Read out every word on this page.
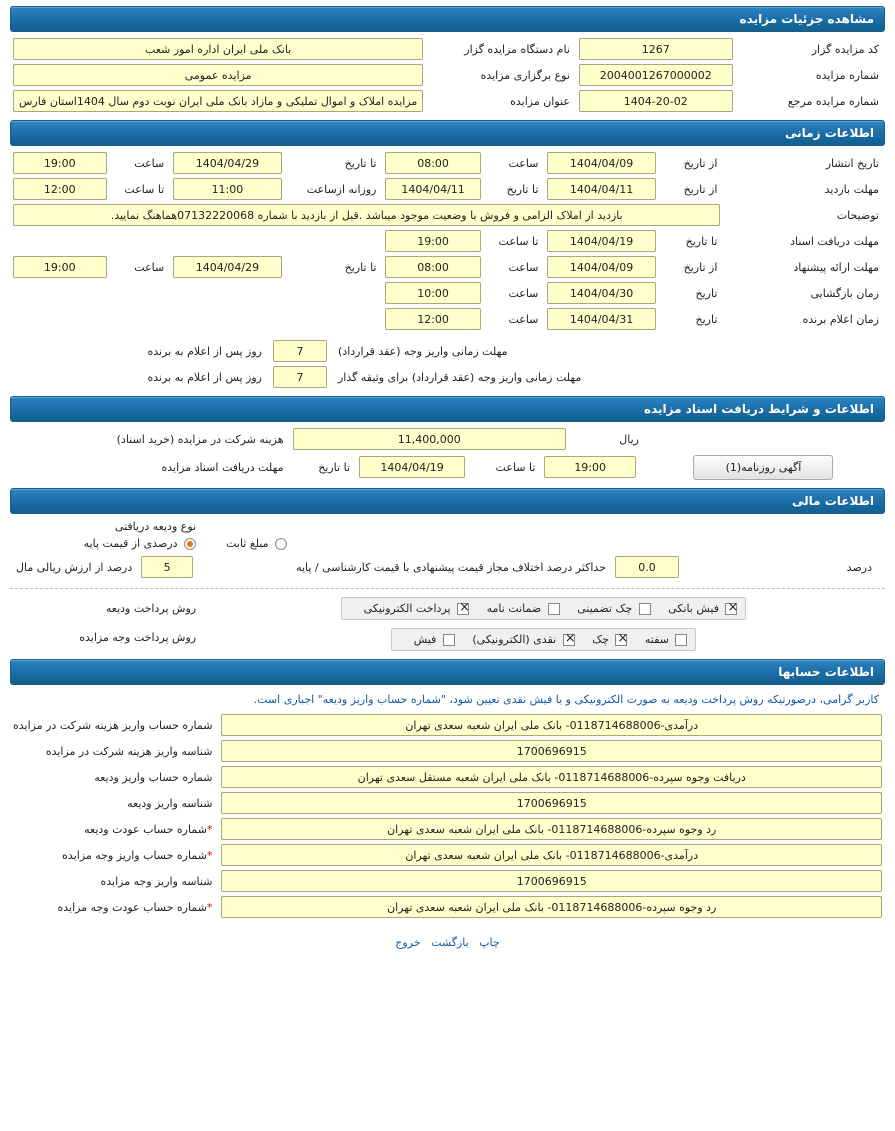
مشاهده جزئیات مزایده
کد مزایده گزار	1267	نام دستگاه مزایده گزار	بانک ملی ایران اداره امور شعب

شماره مزایده	2004001267000002	نوع برگزاری مزایده	مزایده عمومی

شماره مزایده مرجع	1404-20-02	عنوان مزایده	مزایده املاک و اموال تملیکی و مازاد بانک ملی ایران نوبت دوم سال 1404استان فارس
اطلاعات زمانی
تاریخ انتشار	از تاریخ	1404/04/09	ساعت	08:00	تا تاریخ	1404/04/29	ساعت	19:00

مهلت بازدید	از تاریخ	1404/04/11	تا تاریخ	1404/04/11	روزانه ازساعت	11:00	تا ساعت	12:00

توضیحات	بازدید از املاک الزامی و فروش با وضعیت موجود میباشد .قبل از بازدید با شماره 07132220068هماهنگ نمایید.							

مهلت دریافت اسناد	تا تاریخ	1404/04/19	تا ساعت	19:00				

مهلت ارائه پیشنهاد	از تاریخ	1404/04/09	ساعت	08:00	تا تاریخ	1404/04/29	ساعت	19:00

زمان بازگشایی	تاریخ	1404/04/30	ساعت	10:00				

زمان اعلام برنده	تاریخ	1404/04/31	ساعت	12:00				

مهلت زمانی واریز وجه (عقد قرارداد)	7	روز پس از اعلام به برنده
مهلت زمانی واریز وجه (عقد قرارداد) برای وثیقه گذار	7	روز پس از اعلام به برنده
اطلاعات و شرایط دریافت اسناد مزایده
	ریال	
11,400,000
	هزینه شرکت در مزایده (خرید اسناد)
آگهی روزنامه(1)	
19:00
	تا ساعت	
1404/04/19
	تا تاریخ
	مهلت دریافت اسناد مزایده
اطلاعات مالی
	نوع ودیعه دریافتی
مبلغ ثابت	درصدی از قیمت پایه

درصد	
0.0
	حداکثر درصد اختلاف مجاز قیمت پیشنهادی با قیمت کارشناسی / پایه

5
	درصد از ارزش ریالی مال
× فیش بانکی  چک تضمینی  ضمانت نامه × پرداخت الکترونیکی	روش پرداخت ودیعه
سفته × چک × نقدی (الکترونیکی)  فیش	روش پرداخت وجه مزایده
اطلاعات حسابها
کاربر گرامی، درصورتیکه روش پرداخت ودیعه به صورت الکترونیکی و یا فیش نقدی تعیین شود، "شماره حساب واریز ودیعه" اجباری است.
درآمدی-0118714688006- بانک ملی ایران شعبه سعدی تهران	شماره حساب واریز هزینه شرکت در مزایده

1700696915	شناسه واریز هزینه شرکت در مزایده

دریافت وجوه سپرده-0118714688006- بانک ملی ایران شعبه مستقل سعدی تهران	شماره حساب واریز ودیعه

1700696915	شناسه واریز ودیعه

رد وجوه سپرده-0118714688006- بانک ملی ایران شعبه سعدی تهران	*شماره حساب عودت ودیعه

درآمدی-0118714688006- بانک ملی ایران شعبه سعدی تهران	*شماره حساب واریز وجه مزایده

1700696915	شناسه واریز وجه مزایده

رد وجوه سپرده-0118714688006- بانک ملی ایران شعبه سعدی تهران	*شماره حساب عودت وجه مزایده
چاپ   بازگشت   خروج
